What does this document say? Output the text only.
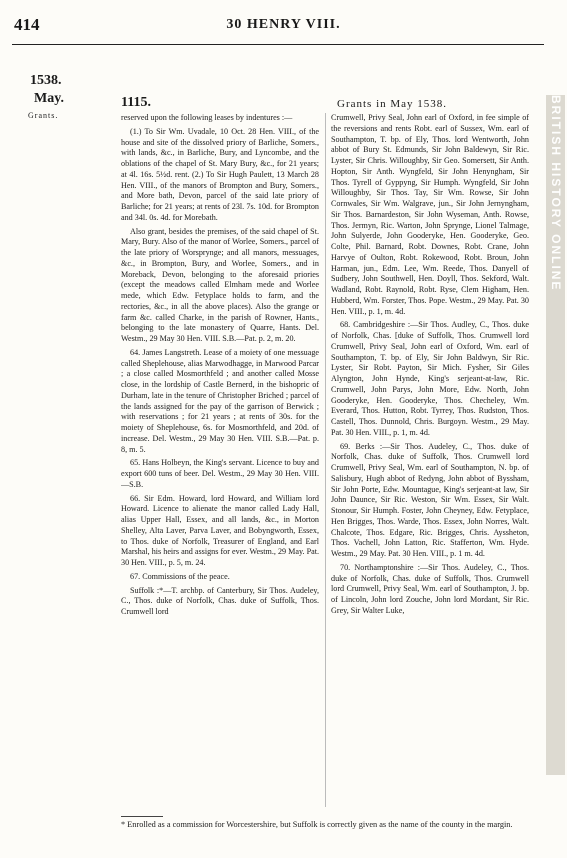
414	30 HENRY VIII.
1538.
May.
Grants.
1115.	Grants in May 1538.

reserved upon the following leases by indentures :—

(1.) To Sir Wm. Uvadale, 10 Oct. 28 Hen. VIII., of the house and site of the dissolved priory of Barliche, Somers., with lands, &c., in Barliche, Bury, and Lyncombe, and the oblations of the chapel of St. Mary Bury, &c., for 21 years; at 4l. 16s. 5½d. rent. (2.) To Sir Hugh Paulett, 13 March 28 Hen. VIII., of the manors of Brompton and Bury, Somers., and More bath, Devon, parcel of the said late priory of Barliche; for 21 years; at rents of 23l. 7s. 10d. for Brompton and 34l. 0s. 4d. for Morebath.

Also grant, besides the premises, of the said chapel of St. Mary, Bury. Also of the manor of Worlee, Somers., parcel of the late priory of Worsprynge; and all manors, messuages, &c., in Brompton, Bury, and Worlee, Somers., and in Moreback, Devon, belonging to the aforesaid priories (except the meadows called Elmham mede and Worlee mede, which Edw. Fetyplace holds to farm, and the rectories, &c., in all the above places). Also the grange or farm &c. called Charke, in the parish of Rowner, Hants., belonging to the late monastery of Quarre, Hants. Del. Westm., 29 May 30 Hen. VIII. S.B.—Pat. p. 2, m. 20.

64. James Langstreth. Lease of a moiety of one messuage called Sheplehouse, alias Marwodhagge, in Marwood Parcar ; a close called Mosmorthfeld ; and another called Mosse close, in the lordship of Castle Bernerd, in the bishopric of Durham, late in the tenure of Christopher Briched ; parcel of the lands assigned for the pay of the garrison of Berwick ; with reservations ; for 21 years ; at rents of 30s. for the moiety of Sheplehouse, 6s. for Mosmorthfeld, and 20d. of increase. Del. Westm., 29 May 30 Hen. VIII. S.B.—Pat. p. 8, m. 5.

65. Hans Holbeyn, the King's servant. Licence to buy and export 600 tuns of beer. Del. Westm., 29 May 30 Hen. VIII.—S.B.

66. Sir Edm. Howard, lord Howard, and William lord Howard. Licence to alienate the manor called Lady Hall, alias Upper Hall, Essex, and all lands, &c., in Morton Shelley, Alta Laver, Parva Laver, and Bobyngworth, Essex, to Thos. duke of Norfolk, Treasurer of England, and Earl Marshal, his heirs and assigns for ever. Westm., 29 May. Pat. 30 Hen. VIII., p. 5, m. 24.

67. Commissions of the peace.

Suffolk :*—T. archbp. of Canterbury, Sir Thos. Audeley, C., Thos. duke of Norfolk, Chas. duke of Suffolk, Thos. Crumwell lord

Crumwell, Privy Seal, John earl of Oxford, in fee simple of the reversions and rents Robt. earl of Sussex, Wm. earl of Southampton, T. bp. of Ely, Thos. lord Wentworth, John abbot of Bury St. Edmunds, Sir John Baldewyn, Sir Ric. Lyster, Sir Chris. Willoughby, Sir Geo. Somersett, Sir Anth. Hopton, Sir Anth. Wyngfeld, Sir John Henyngham, Sir Thos. Tyrell of Gyppyng, Sir Humph. Wyngfeld, Sir John Willoughby, Sir Thos. Tay, Sir Wm. Rowse, Sir John Cornwales, Sir Wm. Walgrave, jun., Sir John Jernyngham, Sir Thos. Barnardeston, Sir John Wyseman, Anth. Rowse, Thos. Jermyn, Ric. Warton, John Spryngе, Lionel Talmage, John Sulyerde, John Gooderyke, Hen. Gooderyke, Geo. Colte, Phil. Barnard, Robt. Downes, Robt. Crane, John Harvye of Oulton, Robt. Rokewood, Robt. Broun, John Harman, jun., Edm. Lee, Wm. Reede, Thos. Danyell of Sudbery, John Southwell, Hen. Doyll, Thos. Sekford, Walt. Wadland, Robt. Raynold, Robt. Ryse, Clem Higham, Hen. Hubberd, Wm. Forster, Thos. Pope. Westm., 29 May. Pat. 30 Hen. VIII., p. 1, m. 4d.

68. Cambridgeshire :—Sir Thos. Audley, C., Thos. duke of Norfolk, Chas. [duke of Suffolk, Thos. Crumwell lord Crumwell, Privy Seal, John earl of Oxford, Wm. earl of Southampton, T. bp. of Ely, Sir John Baldwyn, Sir Ric. Lyster, Sir Robt. Payton, Sir Mich. Fysher, Sir Giles Alyngton, John Hynde, King's serjeant-at-law, Ric. Crumwell, John Parys, John More, Edw. North, John Gooderyke, Hen. Gooderyke, Thos. Checheley, Wm. Everard, Thos. Hutton, Robt. Tyrrey, Thos. Rudston, Thos. Castell, Thos. Dunnold, Chris. Burgoyn. Westm., 29 May. Pat. 30 Hen. VIII., p. 1, m. 4d.

69. Berks :—Sir Thos. Audeley, C., Thos. duke of Norfolk, Chas. duke of Suffolk, Thos. Crumwell lord Crumwell, Privy Seal, Wm. earl of Southampton, N. bp. of Salisbury, Hugh abbot of Redyng, John abbot of Byssham, Sir John Porte, Edw. Mountague, King's serjeant-at law, Sir John Daunce, Sir Ric. Weston, Sir Wm. Essex, Sir Walt. Stonour, Sir Humph. Foster, John Cheyney, Edw. Fetyplace, Hen Brigges, Thos. Warde, Thos. Essex, John Norres, Walt. Chalcote, Thos. Edgare, Ric. Brigges, Chris. Ayssheton, Thos. Vachell, John Latton, Ric. Stafferton, Wm. Hyde. Westm., 29 May. Pat. 30 Hen. VIII., p. 1 m. 4d.

70. Northamptonshire :—Sir Thos. Audeley, C., Thos. duke of Norfolk, Chas. duke of Suffolk, Thos. Crumwell lord Crumwell, Privy Seal, Wm. earl of Southampton, J. bp. of Lincoln, John lord Zouche, John lord Mordant, Sir Ric. Grey, Sir Walter Luke,

* Enrolled as a commission for Worcestershire, but Suffolk is correctly given as the name of the county in the margin.
BRITISH HISTORY ONLINE
